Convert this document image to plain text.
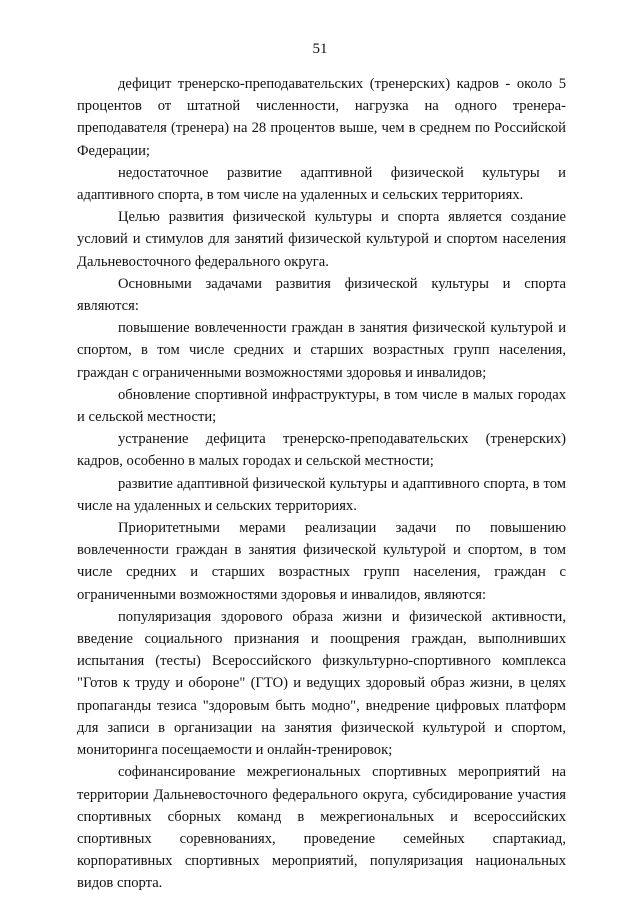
51

дефицит тренерско-преподавательских (тренерских) кадров - около 5 процентов от штатной численности, нагрузка на одного тренера-преподавателя (тренера) на 28 процентов выше, чем в среднем по Российской Федерации;

недостаточное развитие адаптивной физической культуры и адаптивного спорта, в том числе на удаленных и сельских территориях.

Целью развития физической культуры и спорта является создание условий и стимулов для занятий физической культурой и спортом населения Дальневосточного федерального округа.

Основными задачами развития физической культуры и спорта являются:

повышение вовлеченности граждан в занятия физической культурой и спортом, в том числе средних и старших возрастных групп населения, граждан с ограниченными возможностями здоровья и инвалидов;

обновление спортивной инфраструктуры, в том числе в малых городах и сельской местности;

устранение дефицита тренерско-преподавательских (тренерских) кадров, особенно в малых городах и сельской местности;

развитие адаптивной физической культуры и адаптивного спорта, в том числе на удаленных и сельских территориях.

Приоритетными мерами реализации задачи по повышению вовлеченности граждан в занятия физической культурой и спортом, в том числе средних и старших возрастных групп населения, граждан с ограниченными возможностями здоровья и инвалидов, являются:

популяризация здорового образа жизни и физической активности, введение социального признания и поощрения граждан, выполнивших испытания (тесты) Всероссийского физкультурно-спортивного комплекса "Готов к труду и обороне" (ГТО) и ведущих здоровый образ жизни, в целях пропаганды тезиса "здоровым быть модно", внедрение цифровых платформ для записи в организации на занятия физической культурой и спортом, мониторинга посещаемости и онлайн-тренировок;

софинансирование межрегиональных спортивных мероприятий на территории Дальневосточного федерального округа, субсидирование участия спортивных сборных команд в межрегиональных и всероссийских спортивных соревнованиях, проведение семейных спартакиад, корпоративных спортивных мероприятий, популяризация национальных видов спорта.
